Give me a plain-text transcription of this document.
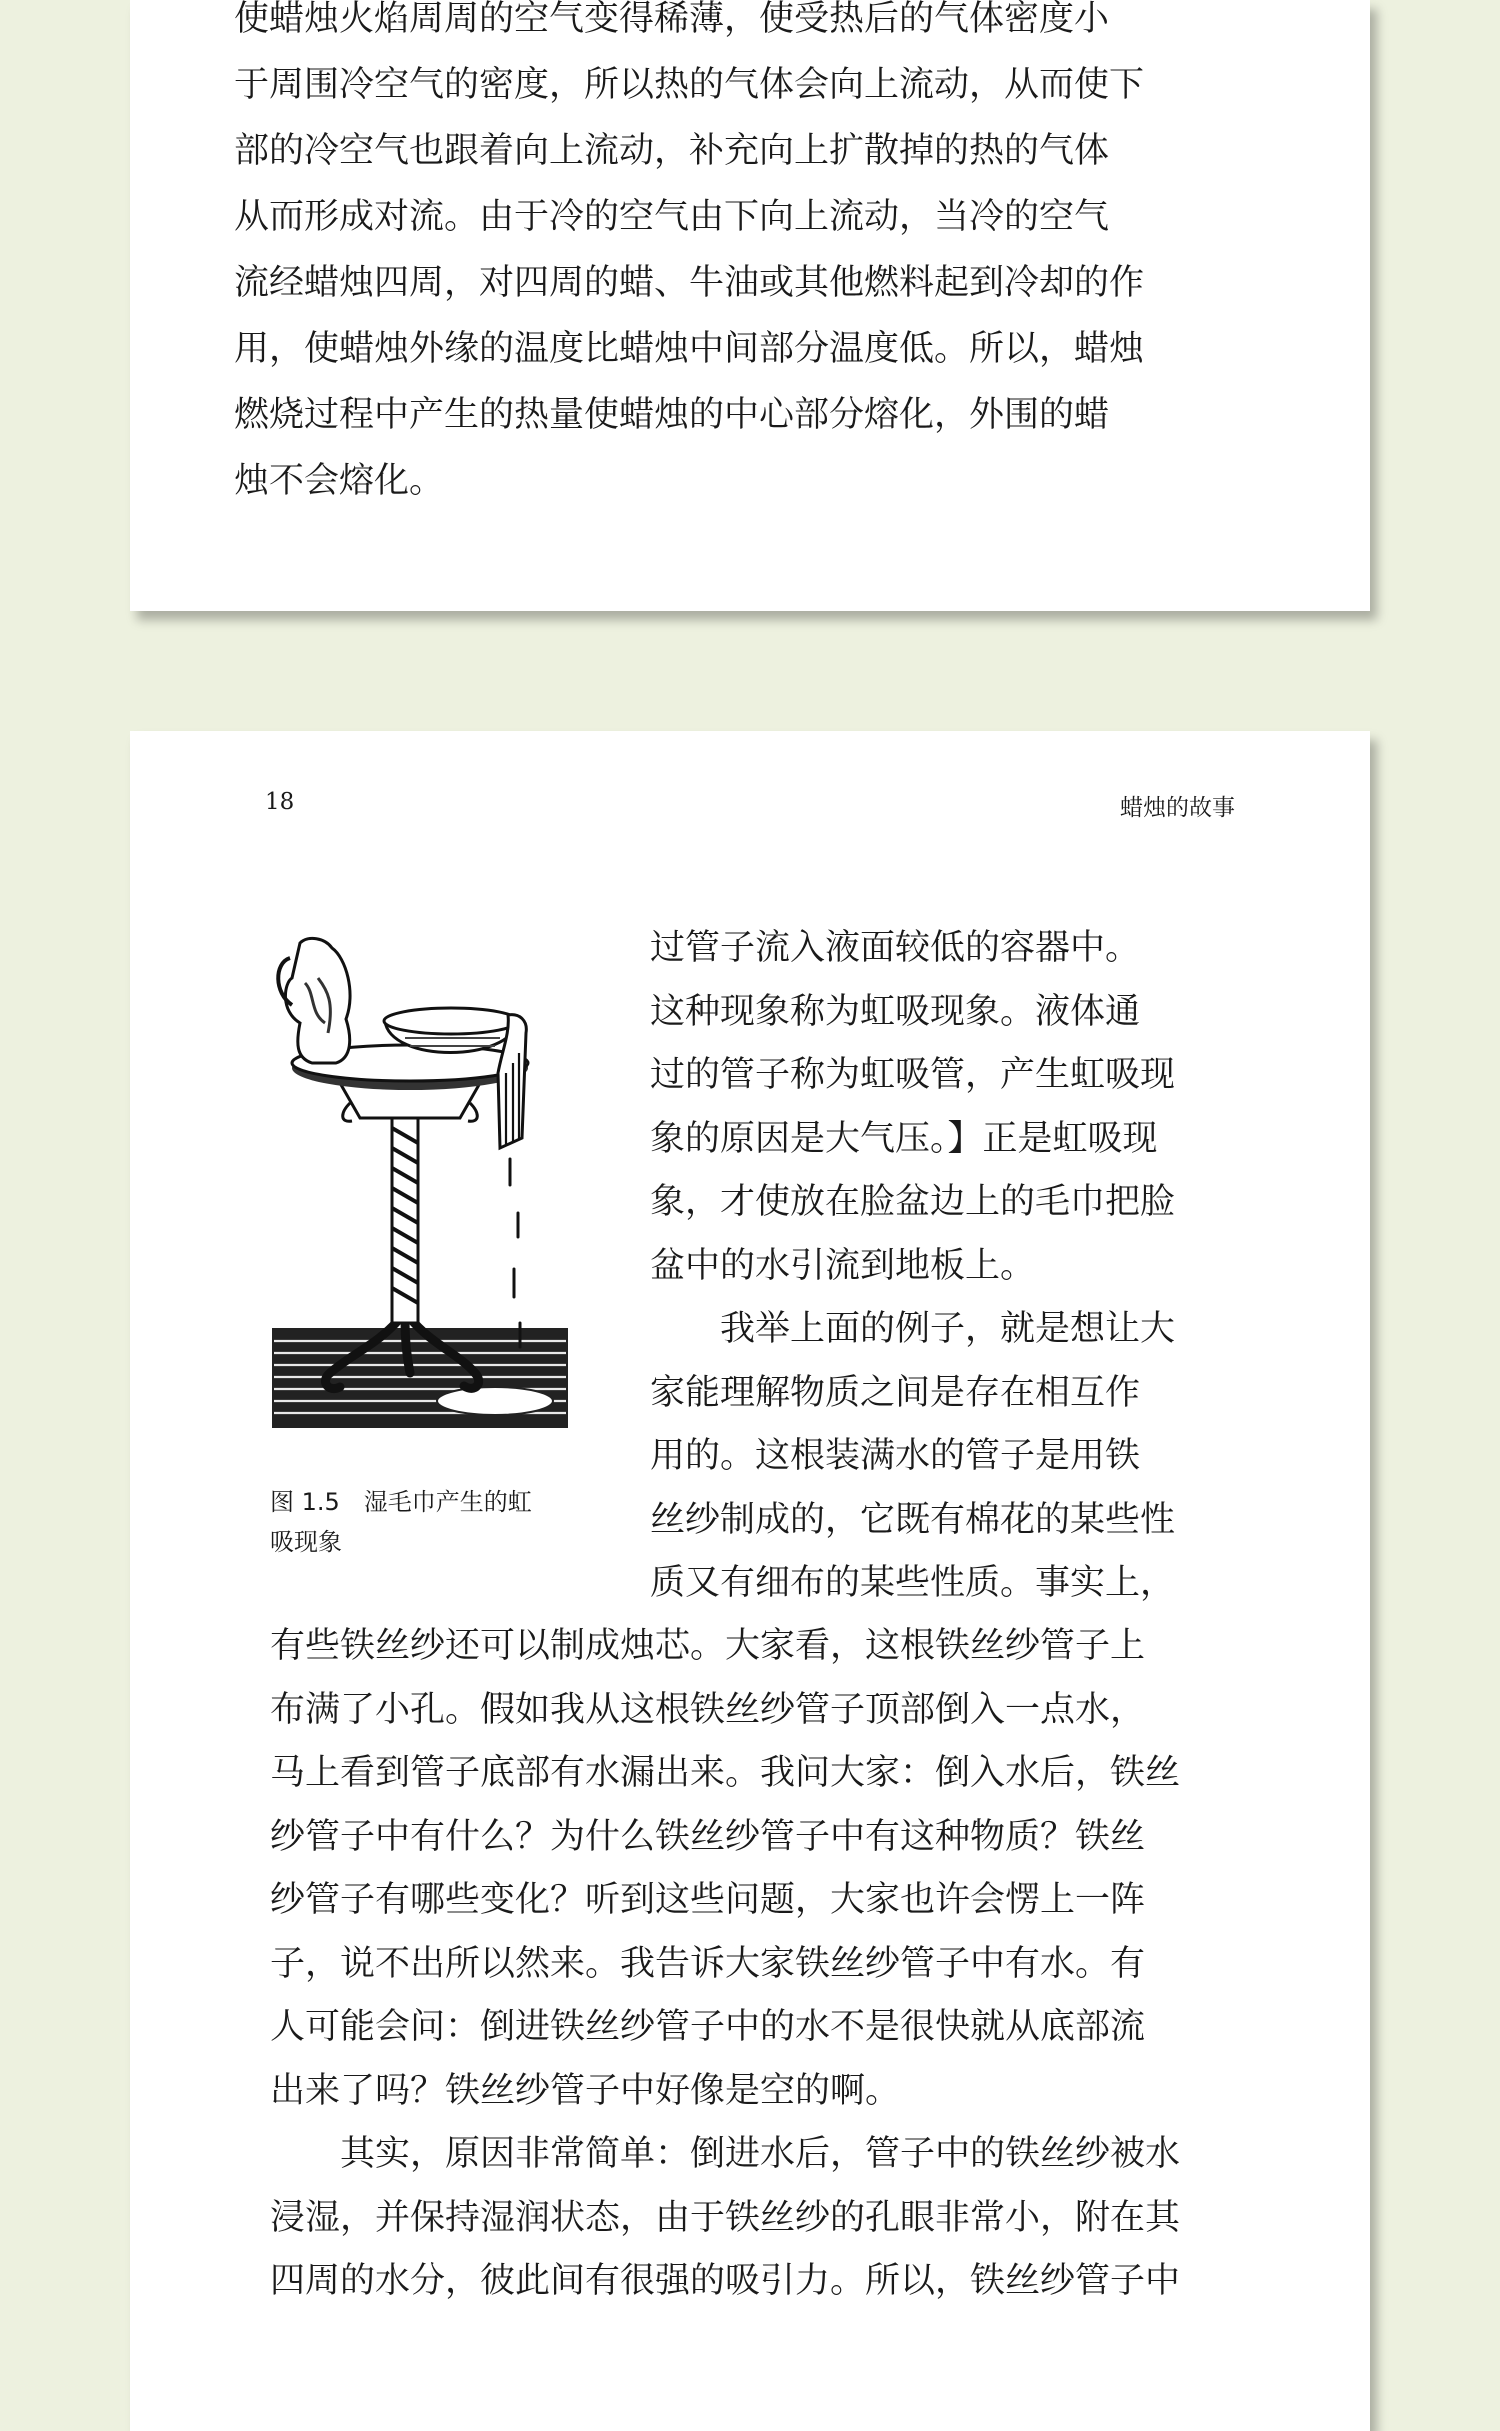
使蜡烛火焰周周的空气变得稀薄，使受热后的气体密度小
于周围冷空气的密度，所以热的气体会向上流动，从而使下
部的冷空气也跟着向上流动，补充向上扩散掉的热的气体
从而形成对流。由于冷的空气由下向上流动，当冷的空气
流经蜡烛四周，对四周的蜡、牛油或其他燃料起到冷却的作
用，使蜡烛外缘的温度比蜡烛中间部分温度低。所以，蜡烛
燃烧过程中产生的热量使蜡烛的中心部分熔化，外围的蜡
烛不会熔化。
18	蜡烛的故事
图 1.5　湿毛巾产生的虹
吸现象
过管子流入液面较低的容器中。
这种现象称为虹吸现象。液体通
过的管子称为虹吸管，产生虹吸现
象的原因是大气压。】正是虹吸现
象，才使放在脸盆边上的毛巾把脸
盆中的水引流到地板上。
　　我举上面的例子，就是想让大
家能理解物质之间是存在相互作
用的。这根装满水的管子是用铁
丝纱制成的，它既有棉花的某些性
质又有细布的某些性质。事实上，
有些铁丝纱还可以制成烛芯。大家看，这根铁丝纱管子上
布满了小孔。假如我从这根铁丝纱管子顶部倒入一点水，
马上看到管子底部有水漏出来。我问大家：倒入水后，铁丝
纱管子中有什么？为什么铁丝纱管子中有这种物质？铁丝
纱管子有哪些变化？听到这些问题，大家也许会愣上一阵
子，说不出所以然来。我告诉大家铁丝纱管子中有水。有
人可能会问：倒进铁丝纱管子中的水不是很快就从底部流
出来了吗？铁丝纱管子中好像是空的啊。
　　其实，原因非常简单：倒进水后，管子中的铁丝纱被水
浸湿，并保持湿润状态，由于铁丝纱的孔眼非常小，附在其
四周的水分，彼此间有很强的吸引力。所以，铁丝纱管子中
